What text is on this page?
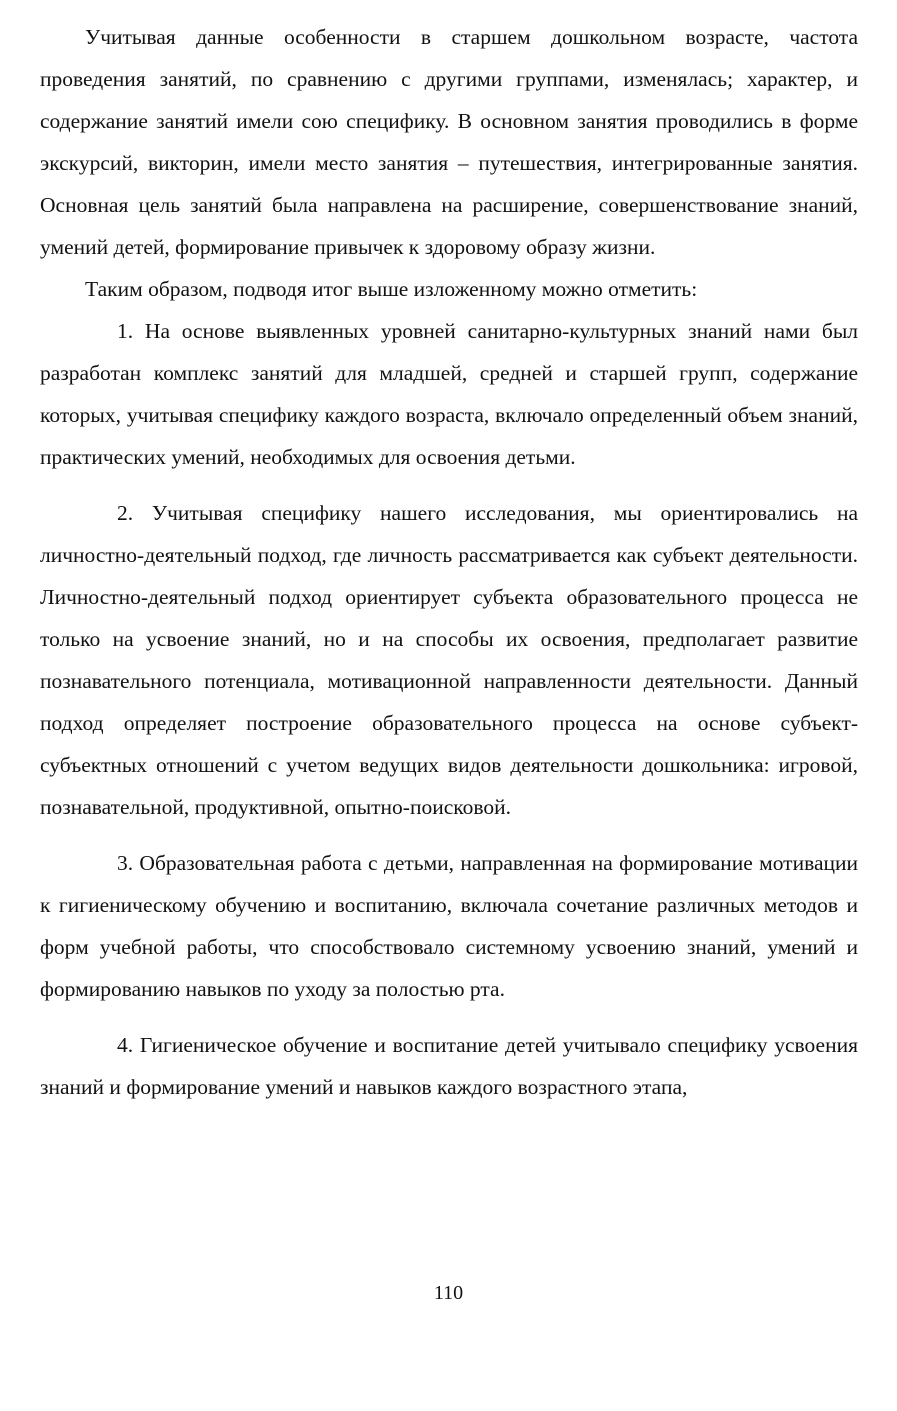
Учитывая данные особенности в старшем дошкольном возрасте, частота проведения занятий, по сравнению с другими группами, изменялась; характер, и содержание занятий имели сою специфику. В основном занятия проводились в форме экскурсий, викторин, имели место занятия – путешествия, интегрированные занятия. Основная цель занятий была направлена на расширение, совершенствование знаний, умений детей, формирование привычек к здоровому образу жизни.

Таким образом, подводя итог выше изложенному можно отметить:

1. На основе выявленных уровней санитарно-культурных знаний нами был разработан комплекс занятий для младшей, средней и старшей групп, содержание которых, учитывая специфику каждого возраста, включало определенный объем знаний, практических умений, необходимых для освоения детьми.

2. Учитывая специфику нашего исследования, мы ориентировались на личностно-деятельный подход, где личность рассматривается как субъект деятельности. Личностно-деятельный подход ориентирует субъекта образовательного процесса не только на усвоение знаний, но и на способы их освоения, предполагает развитие познавательного потенциала, мотивационной направленности деятельности. Данный подход определяет построение образовательного процесса на основе субъект-субъектных отношений с учетом ведущих видов деятельности дошкольника: игровой, познавательной, продуктивной, опытно-поисковой.

3. Образовательная работа с детьми, направленная на формирование мотивации к гигиеническому обучению и воспитанию, включала сочетание различных методов и форм учебной работы, что способствовало системному усвоению знаний, умений и формированию навыков по уходу за полостью рта.

4. Гигиеническое обучение и воспитание детей учитывало специфику усвоения знаний и формирование умений и навыков каждого возрастного этапа,

110
